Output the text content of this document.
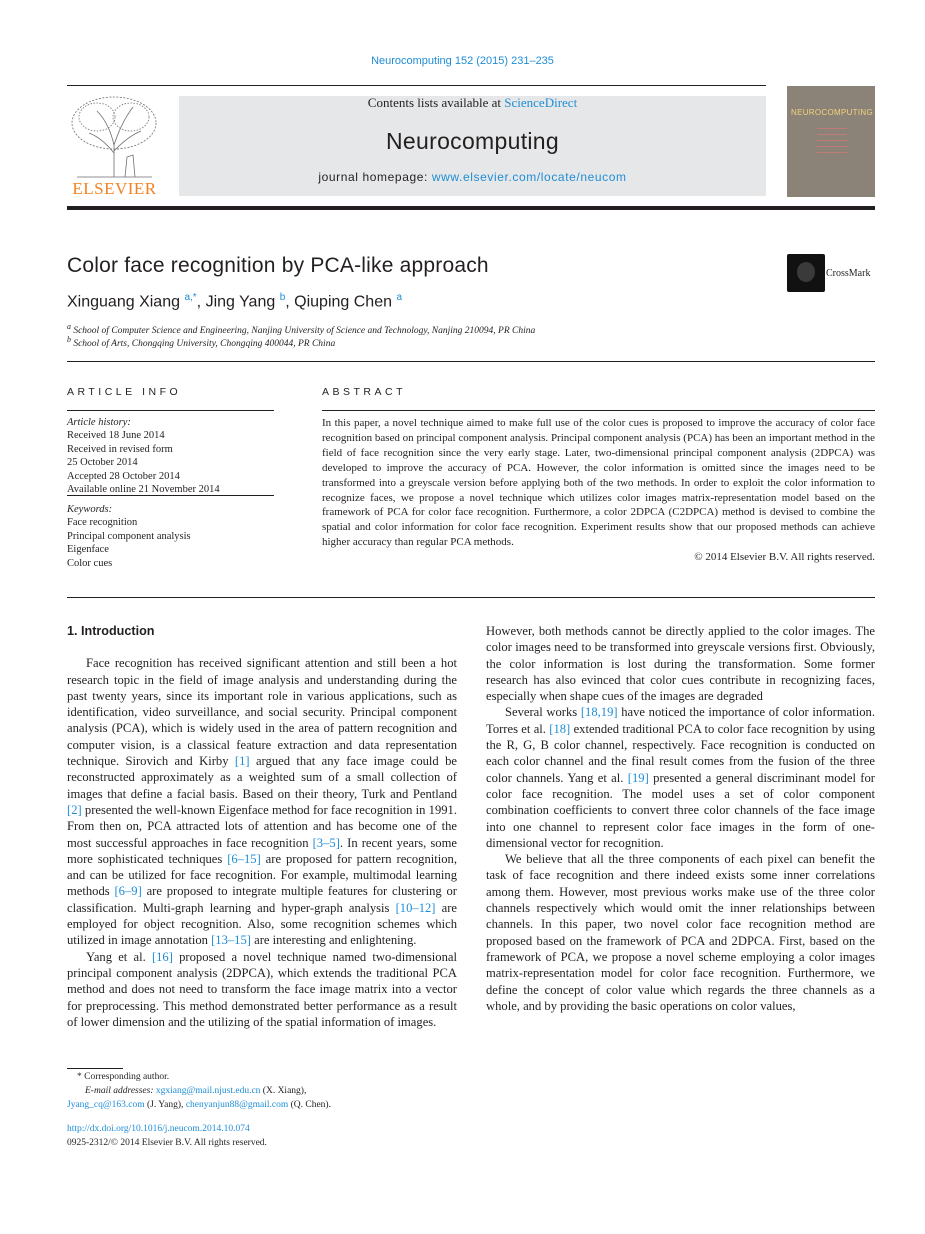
Neurocomputing 152 (2015) 231–235
ELSEVIER
Contents lists available at ScienceDirect
Neurocomputing
journal homepage: www.elsevier.com/locate/neucom
NEUROCOMPUTING
Color face recognition by PCA-like approach	CrossMark
Xinguang Xiang $^{a,*}$, Jing Yang $^b$, Qiuping Chen $^a$
$^a$ School of Computer Science and Engineering, Nanjing University of Science and Technology, Nanjing 210094, PR China
$^b$ School of Arts, Chongqing University, Chongqing 400044, PR China
ARTICLE INFO
Article history:
Received 18 June 2014
Received in revised form
25 October 2014
Accepted 28 October 2014
Available online 21 November 2014
Keywords:
Face recognition
Principal component analysis
Eigenface
Color cues
ABSTRACT
In this paper, a novel technique aimed to make full use of the color cues is proposed to improve the accuracy of color face recognition based on principal component analysis. Principal component analysis (PCA) has been an important method in the field of face recognition since the very early stage. Later, two-dimensional principal component analysis (2DPCA) was developed to improve the accuracy of PCA. However, the color information is omitted since the images need to be transformed into a greyscale version before applying both of the two methods. In order to exploit the color information to recognize faces, we propose a novel technique which utilizes color images matrix-representation model based on the framework of PCA for color face recognition. Furthermore, a color 2DPCA (C2DPCA) method is devised to combine the spatial and color information for color face recognition. Experiment results show that our proposed methods can achieve higher accuracy than regular PCA methods.
© 2014 Elsevier B.V. All rights reserved.
1. Introduction

Face recognition has received significant attention and still been a hot research topic in the field of image analysis and understanding during the past twenty years, since its important role in various applications, such as identification, video surveillance, and social security. Principal component analysis (PCA), which is widely used in the area of pattern recognition and computer vision, is a classical feature extraction and data representation technique. Sirovich and Kirby [1] argued that any face image could be reconstructed approximately as a weighted sum of a small collection of images that define a facial basis. Based on their theory, Turk and Pentland [2] presented the well-known Eigenface method for face recognition in 1991. From then on, PCA attracted lots of attention and has become one of the most successful approaches in face recognition [3–5]. In recent years, some more sophisticated techniques [6–15] are proposed for pattern recognition, and can be utilized for face recognition. For example, multimodal learning methods [6–9] are proposed to integrate multiple features for clustering or classification. Multi-graph learning and hyper-graph analysis [10–12] are employed for object recognition. Also, some recognition schemes which utilized in image annotation [13–15] are interesting and enlightening.

Yang et al. [16] proposed a novel technique named two-dimensional principal component analysis (2DPCA), which extends the traditional PCA method and does not need to transform the face image matrix into a vector for preprocessing. This method demonstrated better performance as a result of lower dimension and the utilizing of the spatial information of images.

* Corresponding author.
E-mail addresses: xgxiang@mail.njust.edu.cn (X. Xiang),
Jyang_cq@163.com (J. Yang), chenyanjun88@gmail.com (Q. Chen).
http://dx.doi.org/10.1016/j.neucom.2014.10.074
0925-2312/© 2014 Elsevier B.V. All rights reserved.

However, both methods cannot be directly applied to the color images. The color images need to be transformed into greyscale versions first. Obviously, the color information is lost during the transformation. Some former research has also evinced that color cues contribute in recognizing faces, especially when shape cues of the images are degraded

Several works [18,19] have noticed the importance of color information. Torres et al. [18] extended traditional PCA to color face recognition by using the R, G, B color channel, respectively. Face recognition is conducted on each color channel and the final result comes from the fusion of the three color channels. Yang et al. [19] presented a general discriminant model for color face recognition. The model uses a set of color component combination coefficients to convert three color channels of the face image into one channel to represent color face images in the form of one-dimensional vector for recognition.

We believe that all the three components of each pixel can benefit the task of face recognition and there indeed exists some inner correlations among them. However, most previous works make use of the three color channels respectively which would omit the inner relationships between channels. In this paper, two novel color face recognition method are proposed based on the framework of PCA and 2DPCA. First, based on the framework of PCA, we propose a novel scheme employing a color images matrix-representation model for color face recognition. Furthermore, we define the concept of color value which regards the three channels as a whole, and by providing the basic operations on color values,
